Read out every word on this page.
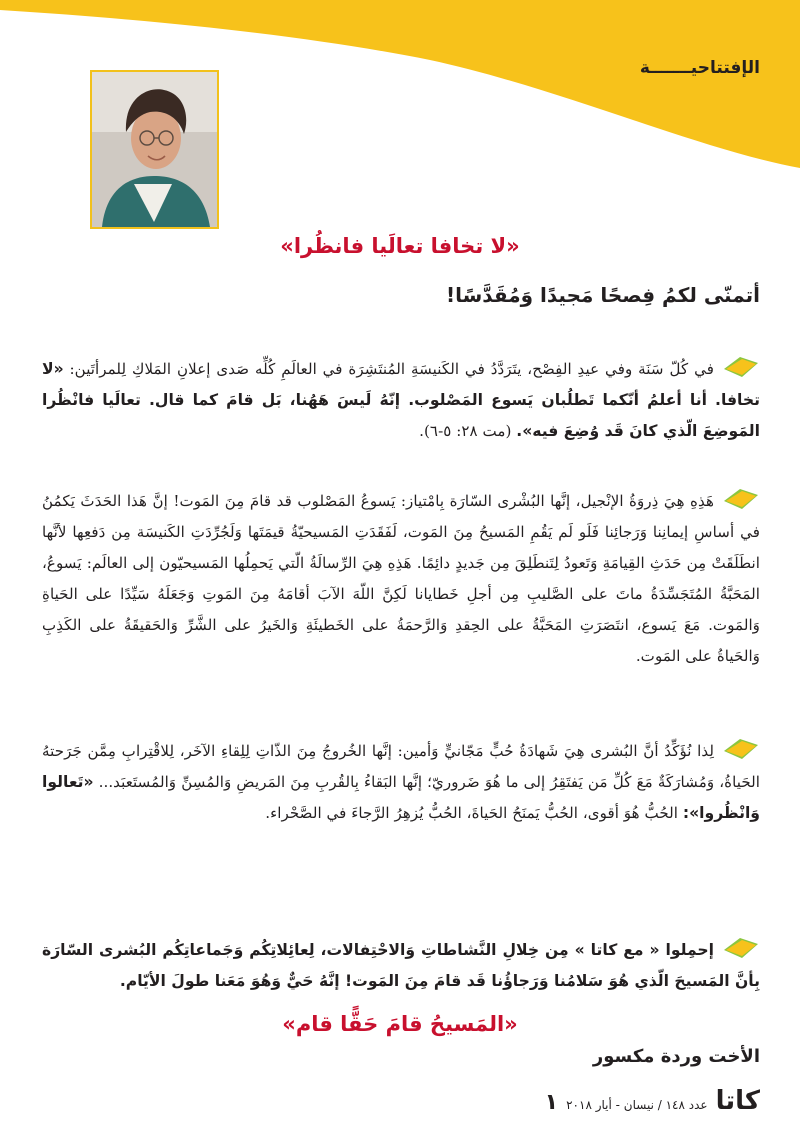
الإفتتاحيـــــــة
«لا تخافا تعالَيا فانظُرا»
أتمنّى لكمُ فِصحًا مَجيدًا وَمُقَدَّسًا!
في كُلّ سَنَة وفي عيدِ الفِصْح، يتَرَدَّدُ في الكَنيسَةِ المُنتَشِرَة في العالَمِ كُلِّه صَدى إعلانِ المَلاكِ لِلمرأتَين: «لا تخافا. أنا أعلمُ أنّكما تَطلُبان يَسوع المَصْلوب. إنّهُ لَيسَ هَهُنا، بَل قامَ كما قال. تعالَيا فانْظُرا المَوضِعَ الّذي كانَ قَد وُضِعَ فيه». (مت ٢٨: ٥-٦).
هَذِهِ هِيَ ذِروَةُ الإنْجيل، إنَّها البُشْرى السّارَة بِامْتياز: يَسوعُ المَصْلوب قد قامَ مِنَ المَوت! إنَّ هَذا الحَدَثَ يَكمُنُ في أساسِ إيمانِنا وَرَجائِنا فَلَو لَم يَقُمِ المَسيحُ مِنَ المَوت، لَفَقَدَتِ المَسيحيّةُ قيمَتَها وَلَجُرِّدَتِ الكَنيسَة مِن دَفعِها لأنَّها انطَلَقَتْ مِن حَدَثِ القِيامَةِ وَتَعودُ لِتَنطَلِقَ مِن جَديدٍ دائِمًا. هَذِهِ هِيَ الرِّسالَةُ الّتي يَحمِلُها المَسيحيّون إلى العالَم: يَسوعُ، المَحَبَّةُ المُتَجَسِّدَةُ ماتَ على الصَّليبِ مِن أجلِ خَطايانا لَكِنَّ اللّهَ الآبَ أقامَهُ مِنَ المَوتِ وَجَعَلَهُ سَيِّدًا على الحَياةِ وَالمَوت. مَعَ يَسوع، انتَصَرَتِ المَحَبَّةُ على الحِقدِ وَالرَّحمَةُ على الخَطيئَةِ وَالخَيرُ على الشَّرِّ وَالحَقيقَةُ على الكَذِبِ وَالحَياةُ على المَوت.
لِذا نُؤَكِّدُ أنَّ البُشرى هِيَ شَهادَةُ حُبٍّ مَجّانيٍّ وَأمين: إنَّها الخُروجُ مِنَ الذّاتِ لِلِقاءِ الآخَر، لِلاقْتِرابِ مِمَّن جَرَحتهُ الحَياةُ، وَمُشارَكَةٌ مَعَ كُلِّ مَن يَفتَقِرُ إلى ما هُوَ ضَروريّ؛ إنَّها البَقاءُ بِالقُربِ مِنَ المَريضِ وَالمُسِنِّ وَالمُستَعبَد... «تَعالوا وَانْظُروا»: الحُبُّ هُوَ أقوى، الحُبُّ يَمنَحُ الحَياةَ، الحُبُّ يُزهِرُ الرَّجاءَ في الصَّحْراء.
إحمِلوا « مع كاتا » مِن خِلالِ النَّشاطاتِ وَالاحْتِفالات، لِعائِلاتِكُم وَجَماعاتِكُم البُشرى السّارَة بِأنَّ المَسيحَ الّذي هُوَ سَلامُنا وَرَجاؤُنا قَد قامَ مِنَ المَوت! إنَّهُ حَيٌّ وَهُوَ مَعَنا طولَ الأيّام.
«المَسيحُ قامَ حَقًّا قام»
الأخت وردة مكسور
كاتا
عدد ١٤٨ / نيسان - أيار ٢٠١٨
١
